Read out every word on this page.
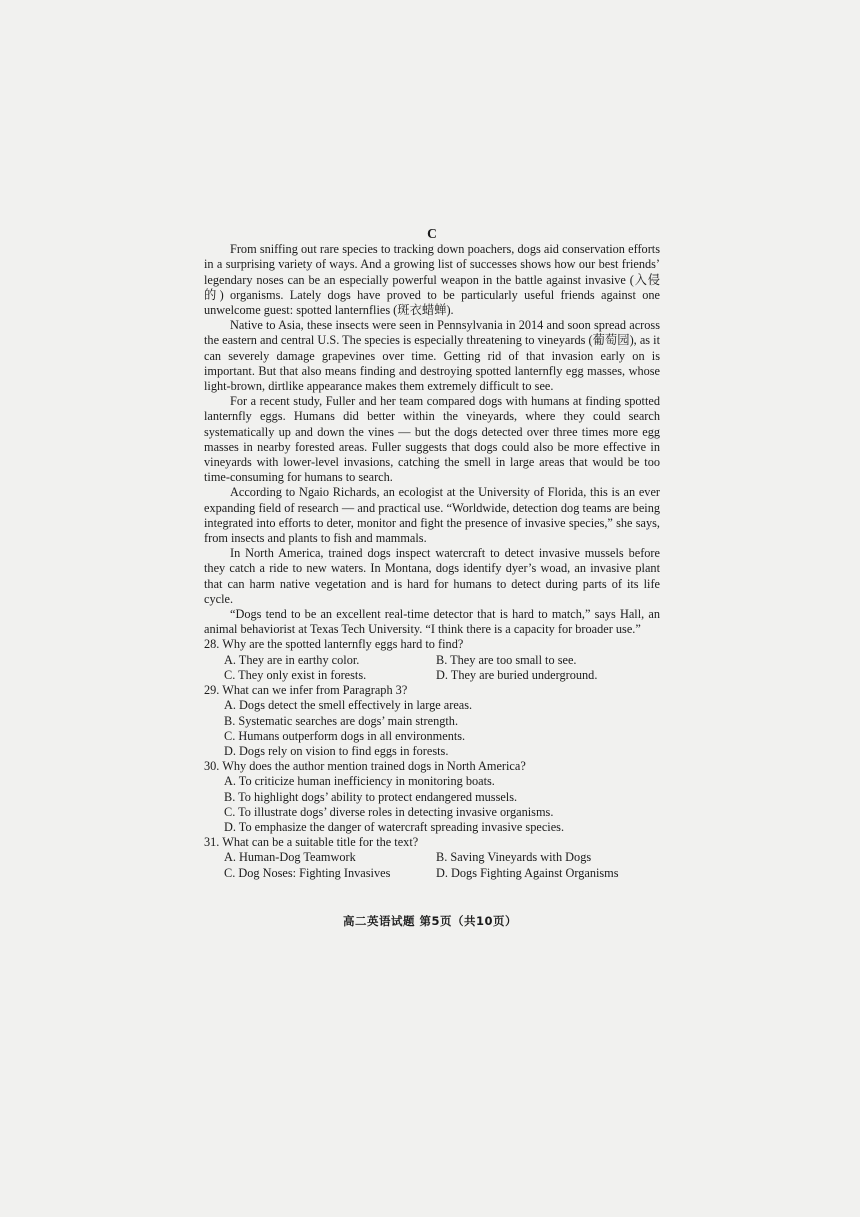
C

From sniffing out rare species to tracking down poachers, dogs aid conservation efforts in a surprising variety of ways. And a growing list of successes shows how our best friends’ legendary noses can be an especially powerful weapon in the battle against invasive (入侵的) organisms. Lately dogs have proved to be particularly useful friends against one unwelcome guest: spotted lanternflies (斑衣蜡蝉).

Native to Asia, these insects were seen in Pennsylvania in 2014 and soon spread across the eastern and central U.S. The species is especially threatening to vineyards (葡萄园), as it can severely damage grapevines over time. Getting rid of that invasion early on is important. But that also means finding and destroying spotted lanternfly egg masses, whose light-brown, dirtlike appearance makes them extremely difficult to see.

For a recent study, Fuller and her team compared dogs with humans at finding spotted lanternfly eggs. Humans did better within the vineyards, where they could search systematically up and down the vines — but the dogs detected over three times more egg masses in nearby forested areas. Fuller suggests that dogs could also be more effective in vineyards with lower-level invasions, catching the smell in large areas that would be too time-consuming for humans to search.

According to Ngaio Richards, an ecologist at the University of Florida, this is an ever expanding field of research — and practical use. “Worldwide, detection dog teams are being integrated into efforts to deter, monitor and fight the presence of invasive species,” she says, from insects and plants to fish and mammals.

In North America, trained dogs inspect watercraft to detect invasive mussels before they catch a ride to new waters. In Montana, dogs identify dyer’s woad, an invasive plant that can harm native vegetation and is hard for humans to detect during parts of its life cycle.

“Dogs tend to be an excellent real-time detector that is hard to match,” says Hall, an animal behaviorist at Texas Tech University. “I think there is a capacity for broader use.”

28. Why are the spotted lanternfly eggs hard to find?
A. They are in earthy color.	B. They are too small to see.
C. They only exist in forests.	D. They are buried underground.
29. What can we infer from Paragraph 3?
A. Dogs detect the smell effectively in large areas.
B. Systematic searches are dogs’ main strength.
C. Humans outperform dogs in all environments.
D. Dogs rely on vision to find eggs in forests.
30. Why does the author mention trained dogs in North America?
A. To criticize human inefficiency in monitoring boats.
B. To highlight dogs’ ability to protect endangered mussels.
C. To illustrate dogs’ diverse roles in detecting invasive organisms.
D. To emphasize the danger of watercraft spreading invasive species.
31. What can be a suitable title for the text?
A. Human-Dog Teamwork	B. Saving Vineyards with Dogs
C. Dog Noses: Fighting Invasives	D. Dogs Fighting Against Organisms
高二英语试题 第5页（共10页）
